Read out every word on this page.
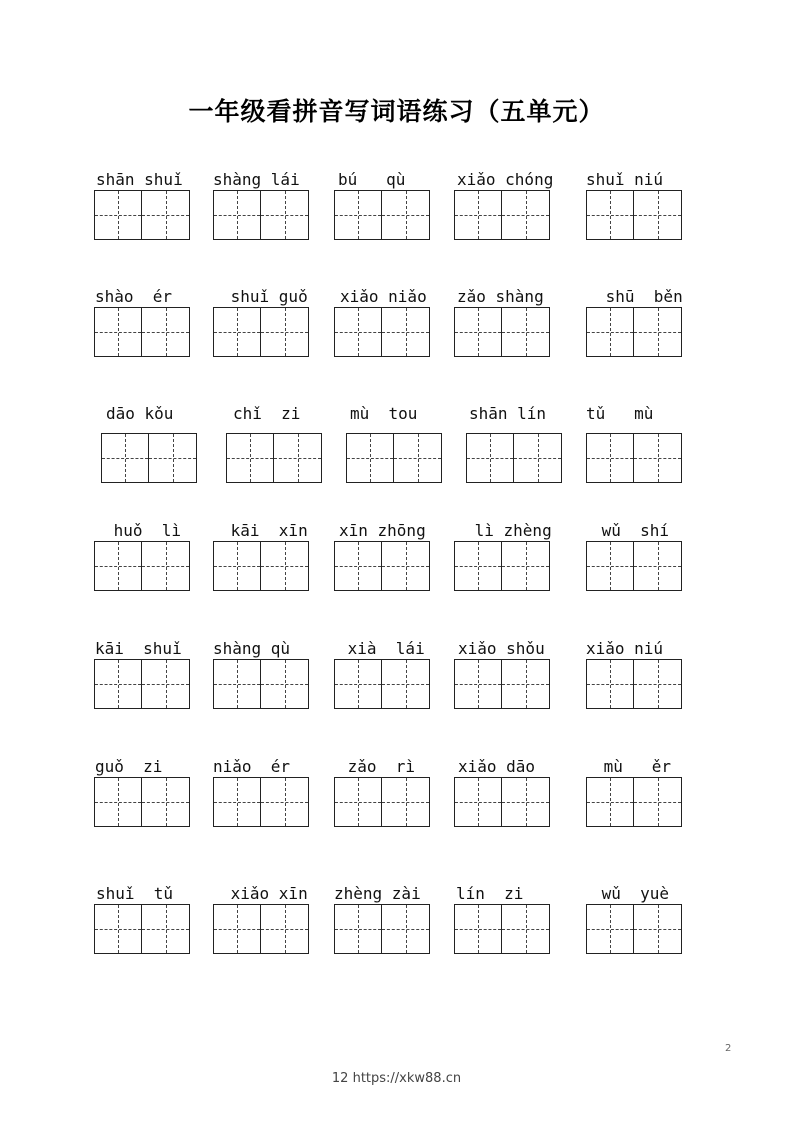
一年级看拼音写词语练习（五单元）
shān shuǐ	shàng lái	bú   qù	xiǎo chóng	shuǐ niú
shào  ér	shuǐ guǒ	xiǎo niǎo	zǎo shàng	shū  běn
dāo kǒu	chǐ  zi	mù  tou	shān lín	tǔ   mù
huǒ  lì	kāi  xīn	xīn zhōng	lì zhèng	wǔ  shí
kāi  shuǐ	shàng qù	xià  lái	xiǎo shǒu	xiǎo niú
guǒ  zi	niǎo  ér	zǎo  rì	xiǎo dāo	mù   ěr
shuǐ  tǔ	xiǎo xīn	zhèng zài	lín  zi	wǔ  yuè
2
12 https://xkw88.cn
